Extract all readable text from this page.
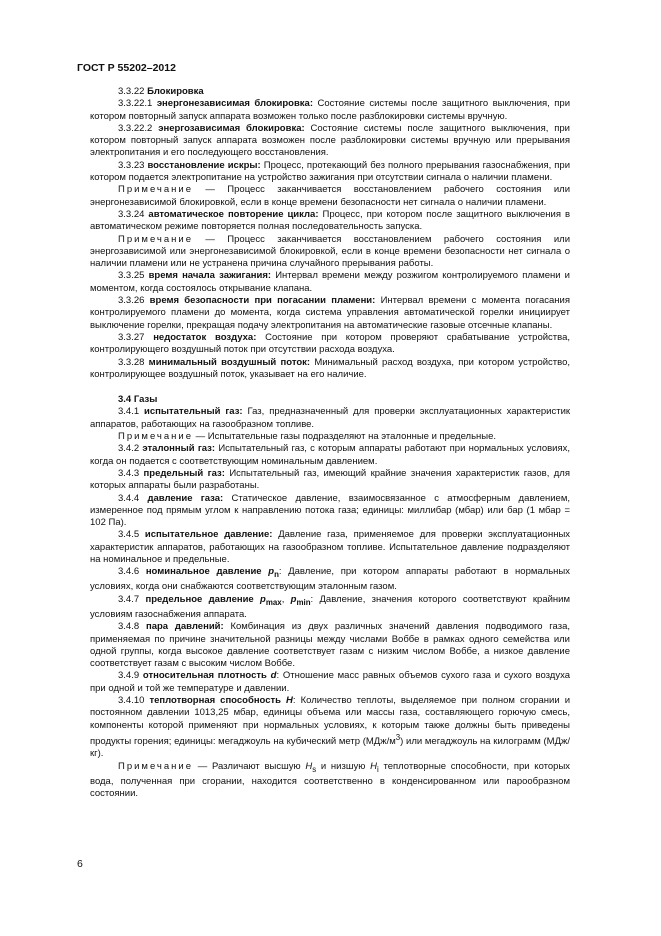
ГОСТ Р 55202–2012

3.3.22 Блокировка

3.3.22.1 энергонезависимая блокировка: Состояние системы после защитного выключения, при котором повторный запуск аппарата возможен только после разблокировки системы вручную.

3.3.22.2 энергозависимая блокировка: Состояние системы после защитного выключения, при котором повторный запуск аппарата возможен после разблокировки системы вручную или прерывания электропитания и его последующего восстановления.

3.3.23 восстановление искры: Процесс, протекающий без полного прерывания газоснабжения, при котором подается электропитание на устройство зажигания при отсутствии сигнала о наличии пламени.

Примечание — Процесс заканчивается восстановлением рабочего состояния или энергонезависимой блокировкой, если в конце времени безопасности нет сигнала о наличии пламени.

3.3.24 автоматическое повторение цикла: Процесс, при котором после защитного выключения в автоматическом режиме повторяется полная последовательность запуска.

Примечание — Процесс заканчивается восстановлением рабочего состояния или энергозависимой или энергонезависимой блокировкой, если в конце времени безопасности нет сигнала о наличии пламени или не устранена причина случайного прерывания работы.

3.3.25 время начала зажигания: Интервал времени между розжигом контролируемого пламени и моментом, когда состоялось открывание клапана.

3.3.26 время безопасности при погасании пламени: Интервал времени с момента погасания контролируемого пламени до момента, когда система управления автоматической горелки инициирует выключение горелки, прекращая подачу электропитания на автоматические газовые отсечные клапаны.

3.3.27 недостаток воздуха: Состояние при котором проверяют срабатывание устройства, контролирующего воздушный поток при отсутствии расхода воздуха.

3.3.28 минимальный воздушный поток: Минимальный расход воздуха, при котором устройство, контролирующее воздушный поток, указывает на его наличие.

3.4 Газы

3.4.1 испытательный газ: Газ, предназначенный для проверки эксплуатационных характеристик аппаратов, работающих на газообразном топливе.

Примечание — Испытательные газы подразделяют на эталонные и предельные.

3.4.2 эталонный газ: Испытательный газ, с которым аппараты работают при нормальных условиях, когда он подается с соответствующим номинальным давлением.

3.4.3 предельный газ: Испытательный газ, имеющий крайние значения характеристик газов, для которых аппараты были разработаны.

3.4.4 давление газа: Статическое давление, взаимосвязанное с атмосферным давлением, измеренное под прямым углом к направлению потока газа; единицы: миллибар (мбар) или бар (1 мбар = 102 Па).

3.4.5 испытательное давление: Давление газа, применяемое для проверки эксплуатационных характеристик аппаратов, работающих на газообразном топливе. Испытательное давление подразделяют на номинальное и предельные.

3.4.6 номинальное давление $p_n$: Давление, при котором аппараты работают в нормальных условиях, когда они снабжаются соответствующим эталонным газом.

3.4.7 предельное давление $p_{max}$, $p_{min}$: Давление, значения которого соответствуют крайним условиям газоснабжения аппарата.

3.4.8 пара давлений: Комбинация из двух различных значений давления подводимого газа, применяемая по причине значительной разницы между числами Воббе в рамках одного семейства или одной группы, когда высокое давление соответствует газам с низким числом Воббе, а низкое давление соответствует газам с высоким числом Воббе.

3.4.9 относительная плотность d: Отношение масс равных объемов сухого газа и сухого воздуха при одной и той же температуре и давлении.

3.4.10 теплотворная способность H: Количество теплоты, выделяемое при полном сгорании и постоянном давлении 1013,25 мбар, единицы объема или массы газа, составляющего горючую смесь, компоненты которой применяют при нормальных условиях, к которым также должны быть приведены продукты горения; единицы: мегаджоуль на кубический метр $(МДж/м^3)$ или мегаджоуль на килограмм (МДж/кг).

Примечание — Различают высшую $H_s$ и низшую $H_i$ теплотворные способности, при которых вода, полученная при сгорании, находится соответственно в конденсированном или парообразном состоянии.

6
